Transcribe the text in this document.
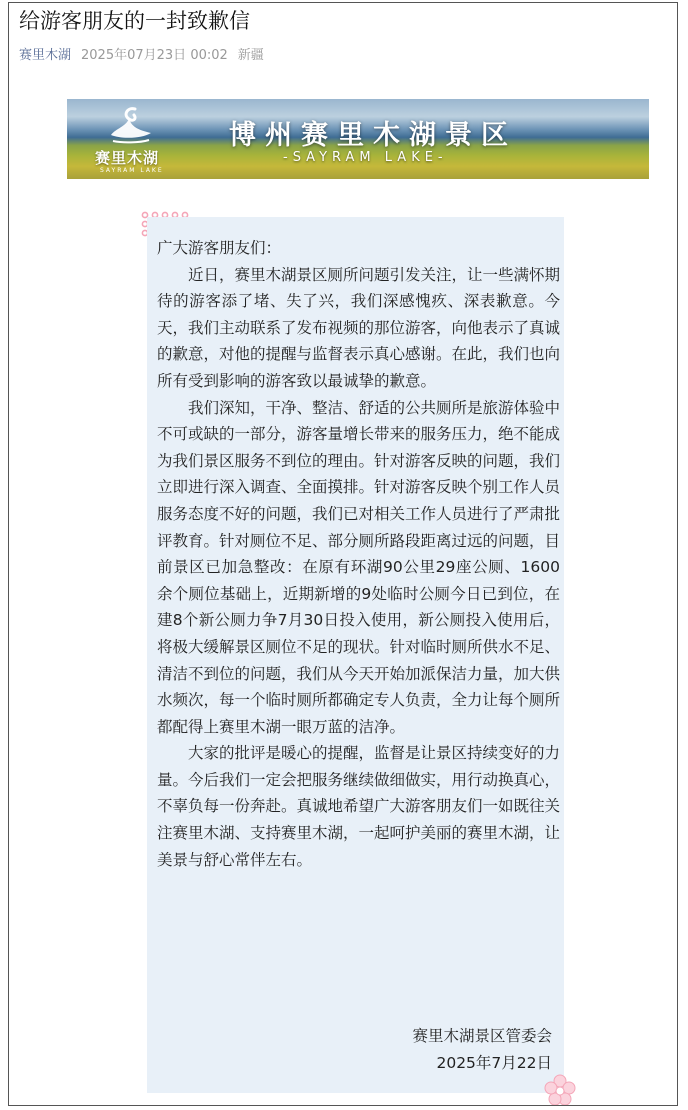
给游客朋友的一封致歉信
赛里木湖 2025年07月23日 00:02 新疆
赛里木湖
SAYRAM LAKE
博州赛里木湖景区
-SAYRAM LAKE-

广大游客朋友们：

近日，赛里木湖景区厕所问题引发关注，让一些满怀期待的游客添了堵、失了兴，我们深感愧疚、深表歉意。今天，我们主动联系了发布视频的那位游客，向他表示了真诚的歉意，对他的提醒与监督表示真心感谢。在此，我们也向所有受到影响的游客致以最诚挚的歉意。

我们深知，干净、整洁、舒适的公共厕所是旅游体验中不可或缺的一部分，游客量增长带来的服务压力，绝不能成为我们景区服务不到位的理由。针对游客反映的问题，我们立即进行深入调查、全面摸排。针对游客反映个别工作人员服务态度不好的问题，我们已对相关工作人员进行了严肃批评教育。针对厕位不足、部分厕所路段距离过远的问题，目前景区已加急整改：在原有环湖90公里29座公厕、1600余个厕位基础上，近期新增的9处临时公厕今日已到位，在建8个新公厕力争7月30日投入使用，新公厕投入使用后，将极大缓解景区厕位不足的现状。针对临时厕所供水不足、清洁不到位的问题，我们从今天开始加派保洁力量，加大供水频次，每一个临时厕所都确定专人负责，全力让每个厕所都配得上赛里木湖一眼万蓝的洁净。

大家的批评是暖心的提醒，监督是让景区持续变好的力量。今后我们一定会把服务继续做细做实，用行动换真心，不辜负每一份奔赴。真诚地希望广大游客朋友们一如既往关注赛里木湖、支持赛里木湖，一起呵护美丽的赛里木湖，让美景与舒心常伴左右。

赛里木湖景区管委会
2025年7月22日
